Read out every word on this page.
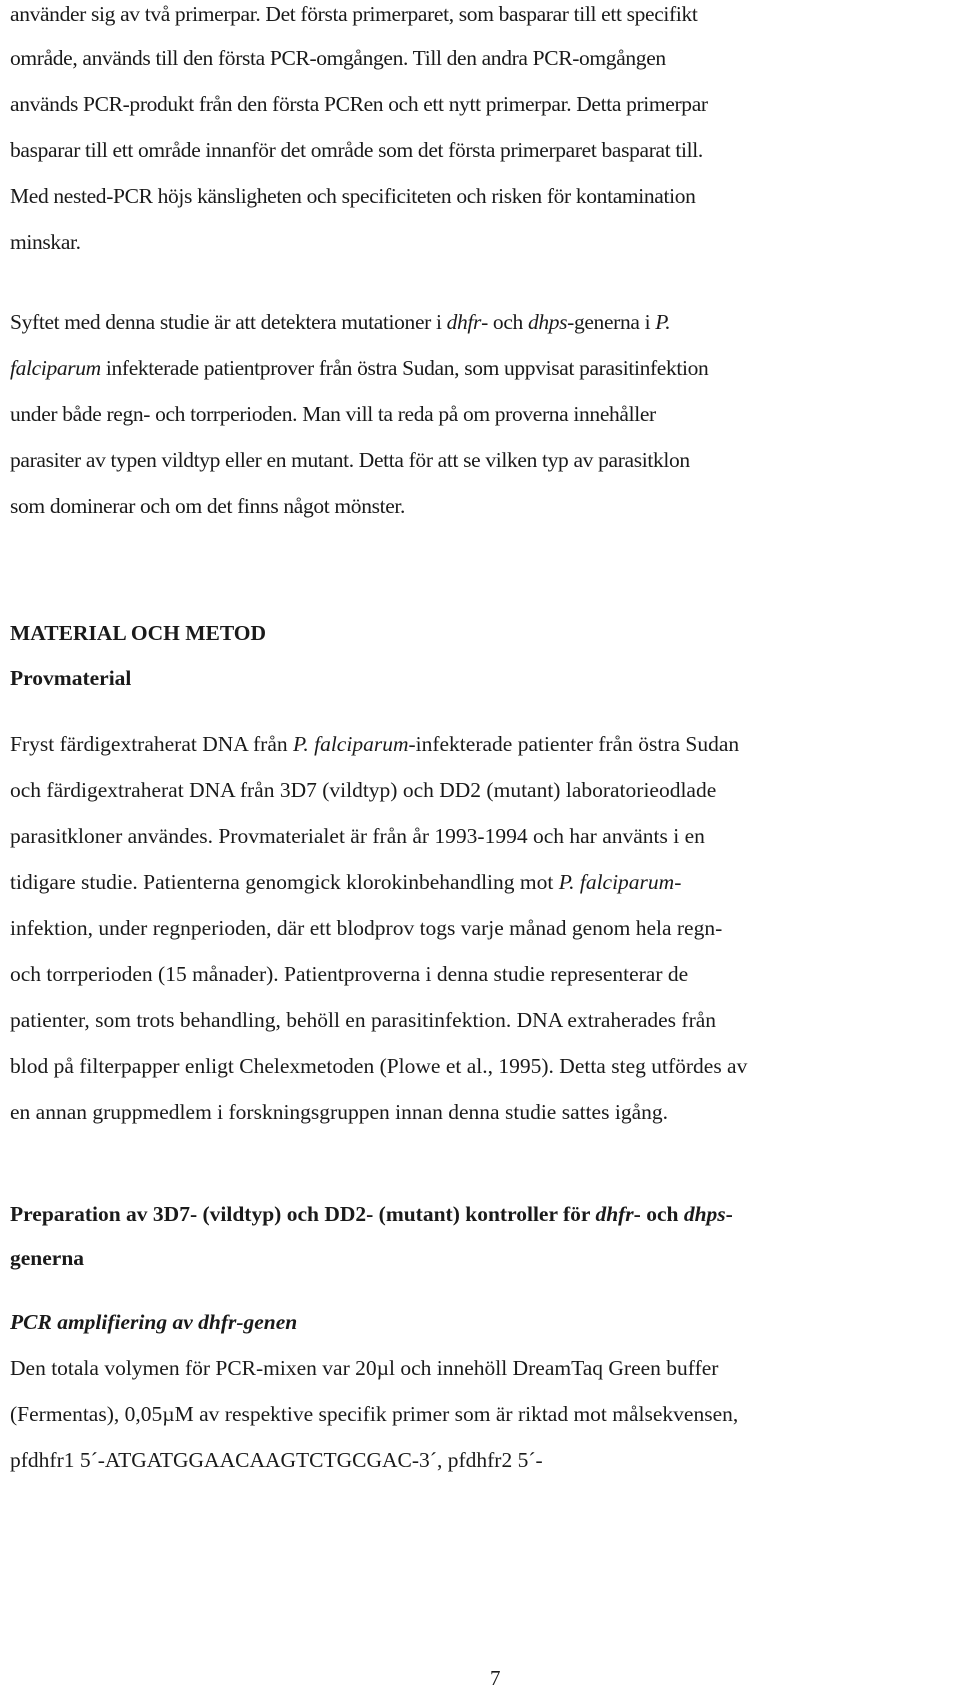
använder sig av två primerpar. Det första primerparet, som basparar till ett specifikt
område, används till den första PCR-omgången. Till den andra PCR-omgången
används PCR-produkt från den första PCRen och ett nytt primerpar. Detta primerpar
basparar till ett område innanför det område som det första primerparet basparat till.
Med nested-PCR höjs känsligheten och specificiteten och risken för kontamination
minskar.
Syftet med denna studie är att detektera mutationer i dhfr- och dhps-generna i P.
falciparum infekterade patientprover från östra Sudan, som uppvisat parasitinfektion
under både regn- och torrperioden. Man vill ta reda på om proverna innehåller
parasiter av typen vildtyp eller en mutant. Detta för att se vilken typ av parasitklon
som dominerar och om det finns något mönster.
MATERIAL OCH METOD
Provmaterial
Fryst färdigextraherat DNA från P. falciparum-infekterade patienter från östra Sudan
och färdigextraherat DNA från 3D7 (vildtyp) och DD2 (mutant) laboratorieodlade
parasitkloner användes. Provmaterialet är från år 1993-1994 och har använts i en
tidigare studie. Patienterna genomgick klorokinbehandling mot P. falciparum-
infektion, under regnperioden, där ett blodprov togs varje månad genom hela regn-
och torrperioden (15 månader). Patientproverna i denna studie representerar de
patienter, som trots behandling, behöll en parasitinfektion. DNA extraherades från
blod på filterpapper enligt Chelexmetoden (Plowe et al., 1995). Detta steg utfördes av
en annan gruppmedlem i forskningsgruppen innan denna studie sattes igång.
Preparation av 3D7- (vildtyp) och DD2- (mutant) kontroller för dhfr- och dhps-
generna
PCR amplifiering av dhfr-genen
Den totala volymen för PCR-mixen var 20µl och innehöll DreamTaq Green buffer
(Fermentas), 0,05µM av respektive specifik primer som är riktad mot målsekvensen,
pfdhfr1 5´-ATGATGGAACAAGTCTGCGAC-3´, pfdhfr2 5´-
7
